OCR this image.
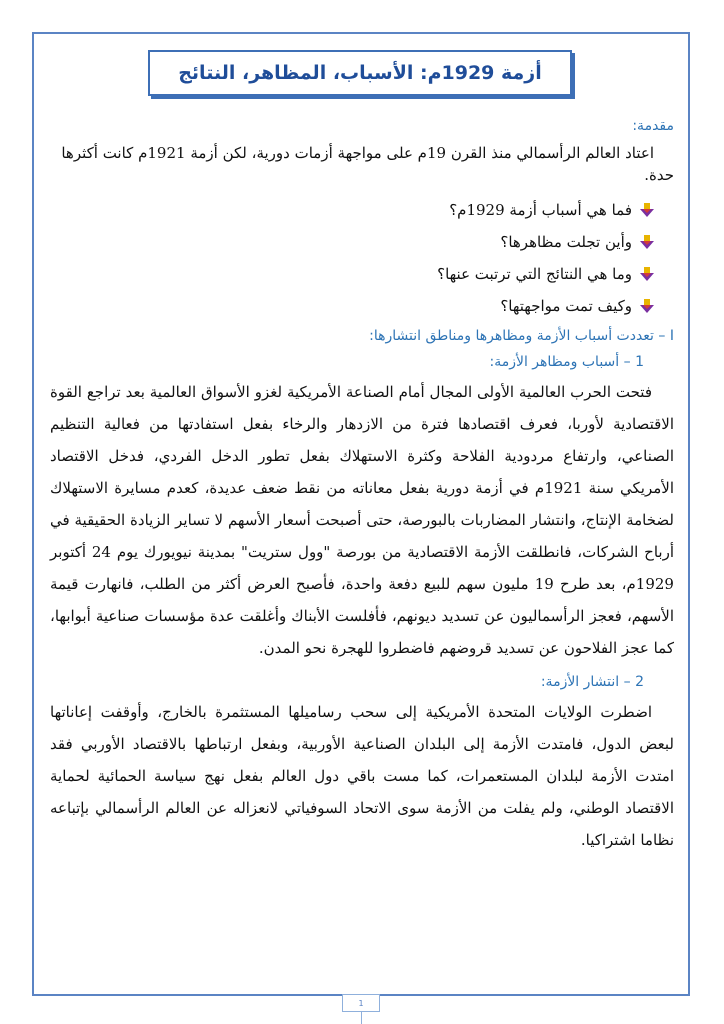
أزمة 1929م: الأسباب، المظاهر، النتائج

مقدمة:

اعتاد العالم الرأسمالي منذ القرن 19م على مواجهة أزمات دورية، لكن أزمة 1921م كانت أكثرها حدة.

فما هي أسباب أزمة 1929م؟
وأين تجلت مظاهرها؟
وما هي النتائج التي ترتبت عنها؟
وكيف تمت مواجهتها؟

I – تعددت أسباب الأزمة ومظاهرها ومناطق انتشارها:

1 – أسباب ومظاهر الأزمة:

فتحت الحرب العالمية الأولى المجال أمام الصناعة الأمريكية لغزو الأسواق العالمية بعد تراجع القوة الاقتصادية لأوربا، فعرف اقتصادها فترة من الازدهار والرخاء بفعل استفادتها من فعالية التنظيم الصناعي، وارتفاع مردودية الفلاحة وكثرة الاستهلاك بفعل تطور الدخل الفردي، فدخل الاقتصاد الأمريكي سنة 1921م في أزمة دورية بفعل معاناته من نقط ضعف عديدة، كعدم مسايرة الاستهلاك لضخامة الإنتاج، وانتشار المضاربات بالبورصة، حتى أصبحت أسعار الأسهم لا تساير الزيادة الحقيقية في أرباح الشركات، فانطلقت الأزمة الاقتصادية من بورصة "وول ستريت" بمدينة نيويورك يوم 24 أكتوبر 1929م، بعد طرح 19 مليون سهم للبيع دفعة واحدة، فأصبح العرض أكثر من الطلب، فانهارت قيمة الأسهم، فعجز الرأسماليون عن تسديد ديونهم، فأفلست الأبناك وأغلقت عدة مؤسسات صناعية أبوابها، كما عجز الفلاحون عن تسديد قروضهم فاضطروا للهجرة نحو المدن.

2 – انتشار الأزمة:

اضطرت الولايات المتحدة الأمريكية إلى سحب رساميلها المستثمرة بالخارج، وأوقفت إعاناتها لبعض الدول، فامتدت الأزمة إلى البلدان الصناعية الأوربية، وبفعل ارتباطها بالاقتصاد الأوربي فقد امتدت الأزمة لبلدان المستعمرات، كما مست باقي دول العالم بفعل نهج سياسة الحمائية لحماية الاقتصاد الوطني، ولم يفلت من الأزمة سوى الاتحاد السوفياتي لانعزاله عن العالم الرأسمالي بإتباعه نظاما اشتراكيا.

1
